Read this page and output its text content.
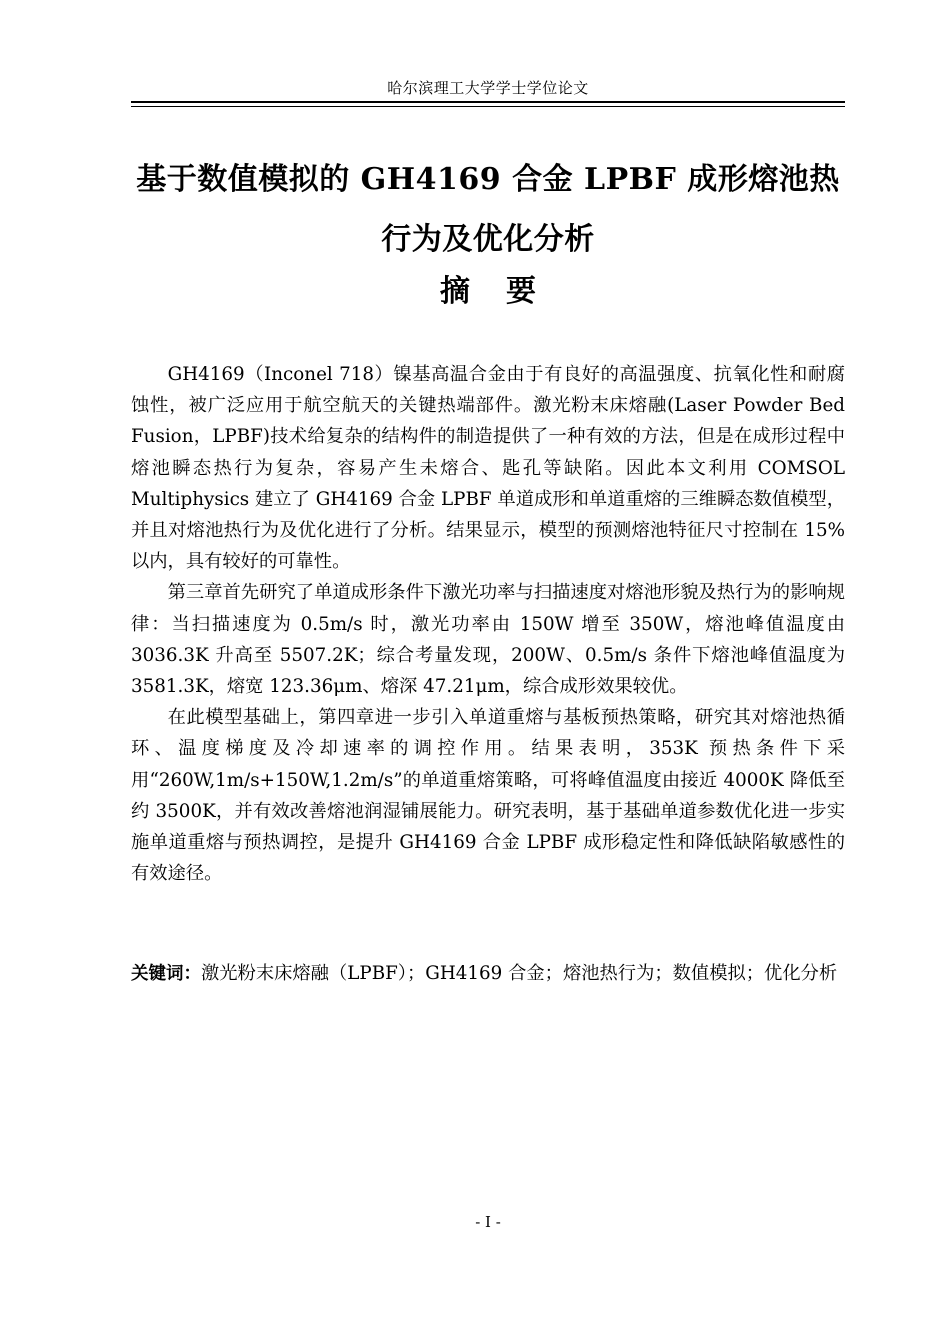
哈尔滨理工大学学士学位论文
基于数值模拟的 GH4169 合金 LPBF 成形熔池热
行为及优化分析
摘要

GH4169（Inconel 718）镍基高温合金由于有良好的高温强度、抗氧化性和耐腐蚀性，被广泛应用于航空航天的关键热端部件。激光粉末床熔融(Laser Powder Bed Fusion，LPBF)技术给复杂的结构件的制造提供了一种有效的方法，但是在成形过程中熔池瞬态热行为复杂，容易产生未熔合、匙孔等缺陷。因此本文利用 COMSOL Multiphysics 建立了 GH4169 合金 LPBF 单道成形和单道重熔的三维瞬态数值模型，并且对熔池热行为及优化进行了分析。结果显示，模型的预测熔池特征尺寸控制在 15%以内，具有较好的可靠性。

第三章首先研究了单道成形条件下激光功率与扫描速度对熔池形貌及热行为的影响规律：当扫描速度为 0.5m/s 时，激光功率由 150W 增至 350W，熔池峰值温度由 3036.3K 升高至 5507.2K；综合考量发现，200W、0.5m/s 条件下熔池峰值温度为 3581.3K，熔宽 123.36μm、熔深 47.21μm，综合成形效果较优。

在此模型基础上，第四章进一步引入单道重熔与基板预热策略，研究其对熔池热循环、温度梯度及冷却速率的调控作用。结果表明，353K 预热条件下采用“260W,1m/s+150W,1.2m/s”的单道重熔策略，可将峰值温度由接近 4000K 降低至约 3500K，并有效改善熔池润湿铺展能力。研究表明，基于基础单道参数优化进一步实施单道重熔与预热调控，是提升 GH4169 合金 LPBF 成形稳定性和降低缺陷敏感性的有效途径。

关键词：激光粉末床熔融（LPBF）；GH4169 合金；熔池热行为；数值模拟；优化分析
- I -
